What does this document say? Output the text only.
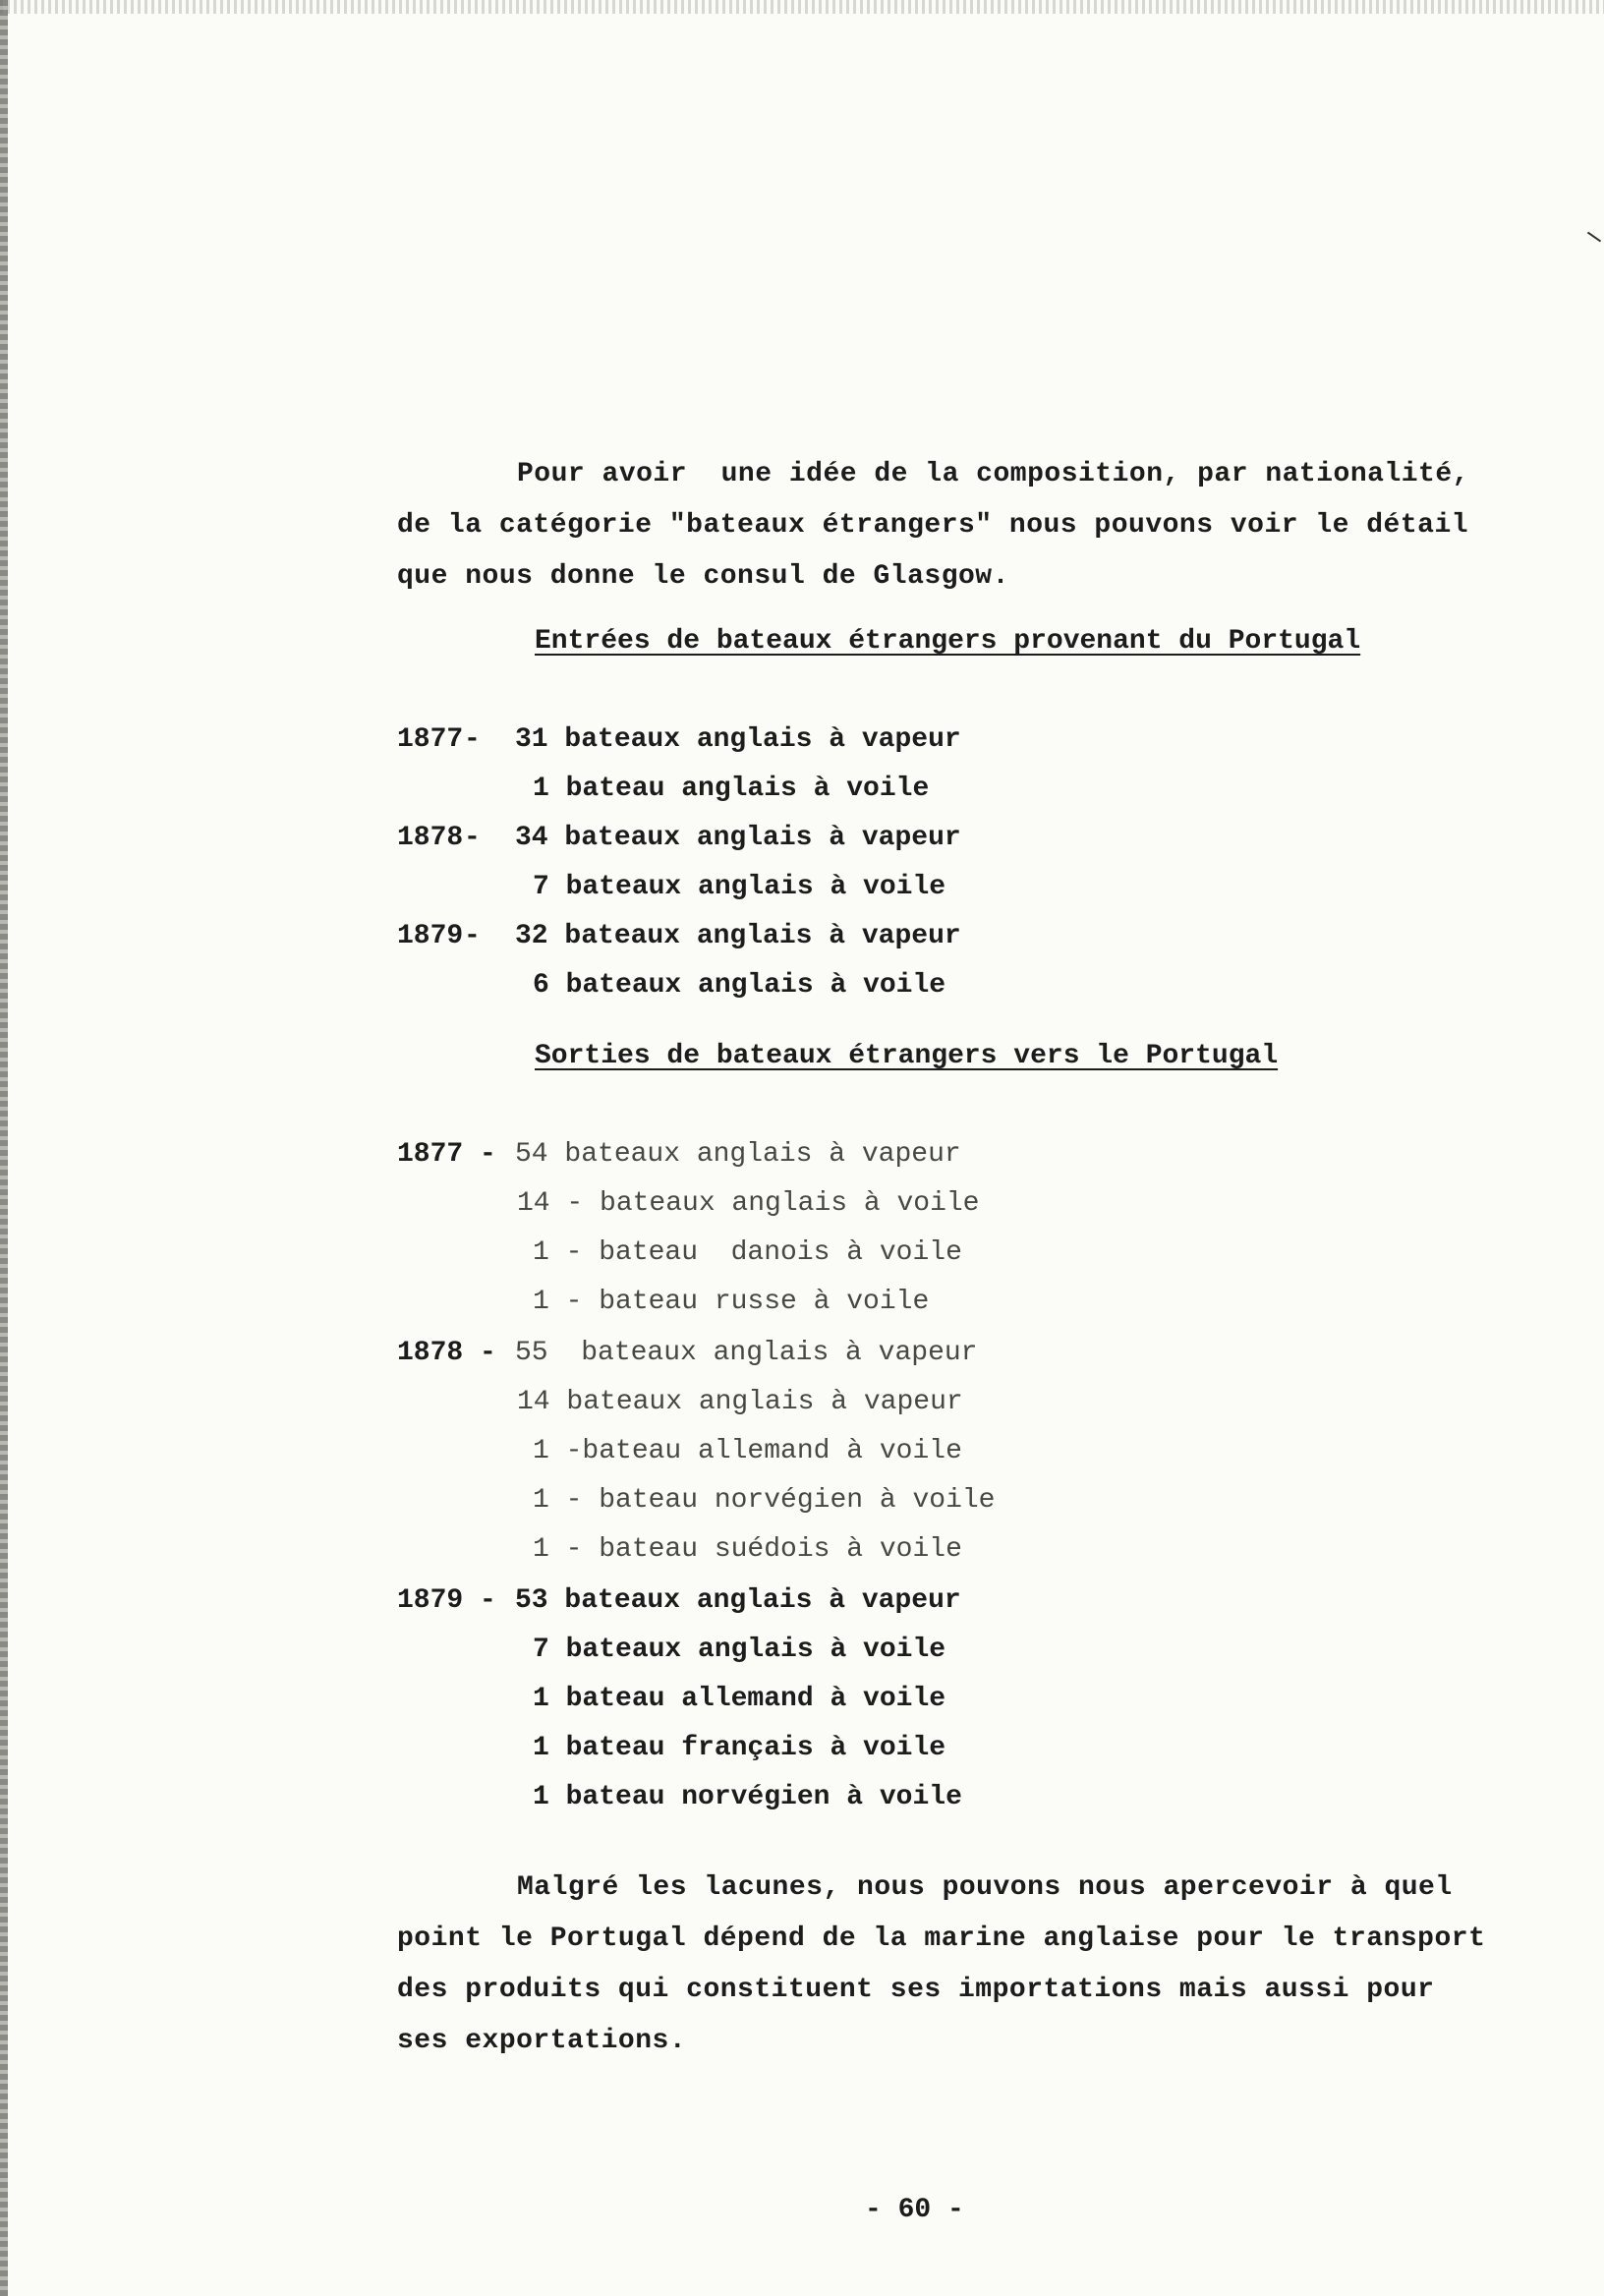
Pour avoir  une idée de la composition, par nationalité,
de la catégorie "bateaux étrangers" nous pouvons voir le détail
que nous donne le consul de Glasgow.
Entrées de bateaux étrangers provenant du Portugal
1877 - 31 bateaux anglais à vapeur
1 bateau anglais à voile
1878 - 34 bateaux anglais à vapeur
7 bateaux anglais à voile
1879 - 32 bateaux anglais à vapeur
6 bateaux anglais à voile
Sorties de bateaux étrangers vers le Portugal
1877 - 54 bateaux anglais à vapeur
14 - bateaux anglais à voile
1 - bateau  danois à voile
1 - bateau russe à voile
1878 - 55  bateaux anglais à vapeur
14 bateaux anglais à vapeur
1 -bateau allemand à voile
1 - bateau norvégien à voile
1 - bateau suédois à voile
1879 - 53 bateaux anglais à vapeur
7 bateaux anglais à voile
1 bateau allemand à voile
1 bateau français à voile
1 bateau norvégien à voile
Malgré les lacunes, nous pouvons nous apercevoir à quel
point le Portugal dépend de la marine anglaise pour le transport
des produits qui constituent ses importations mais aussi pour
ses exportations.
- 60 -
